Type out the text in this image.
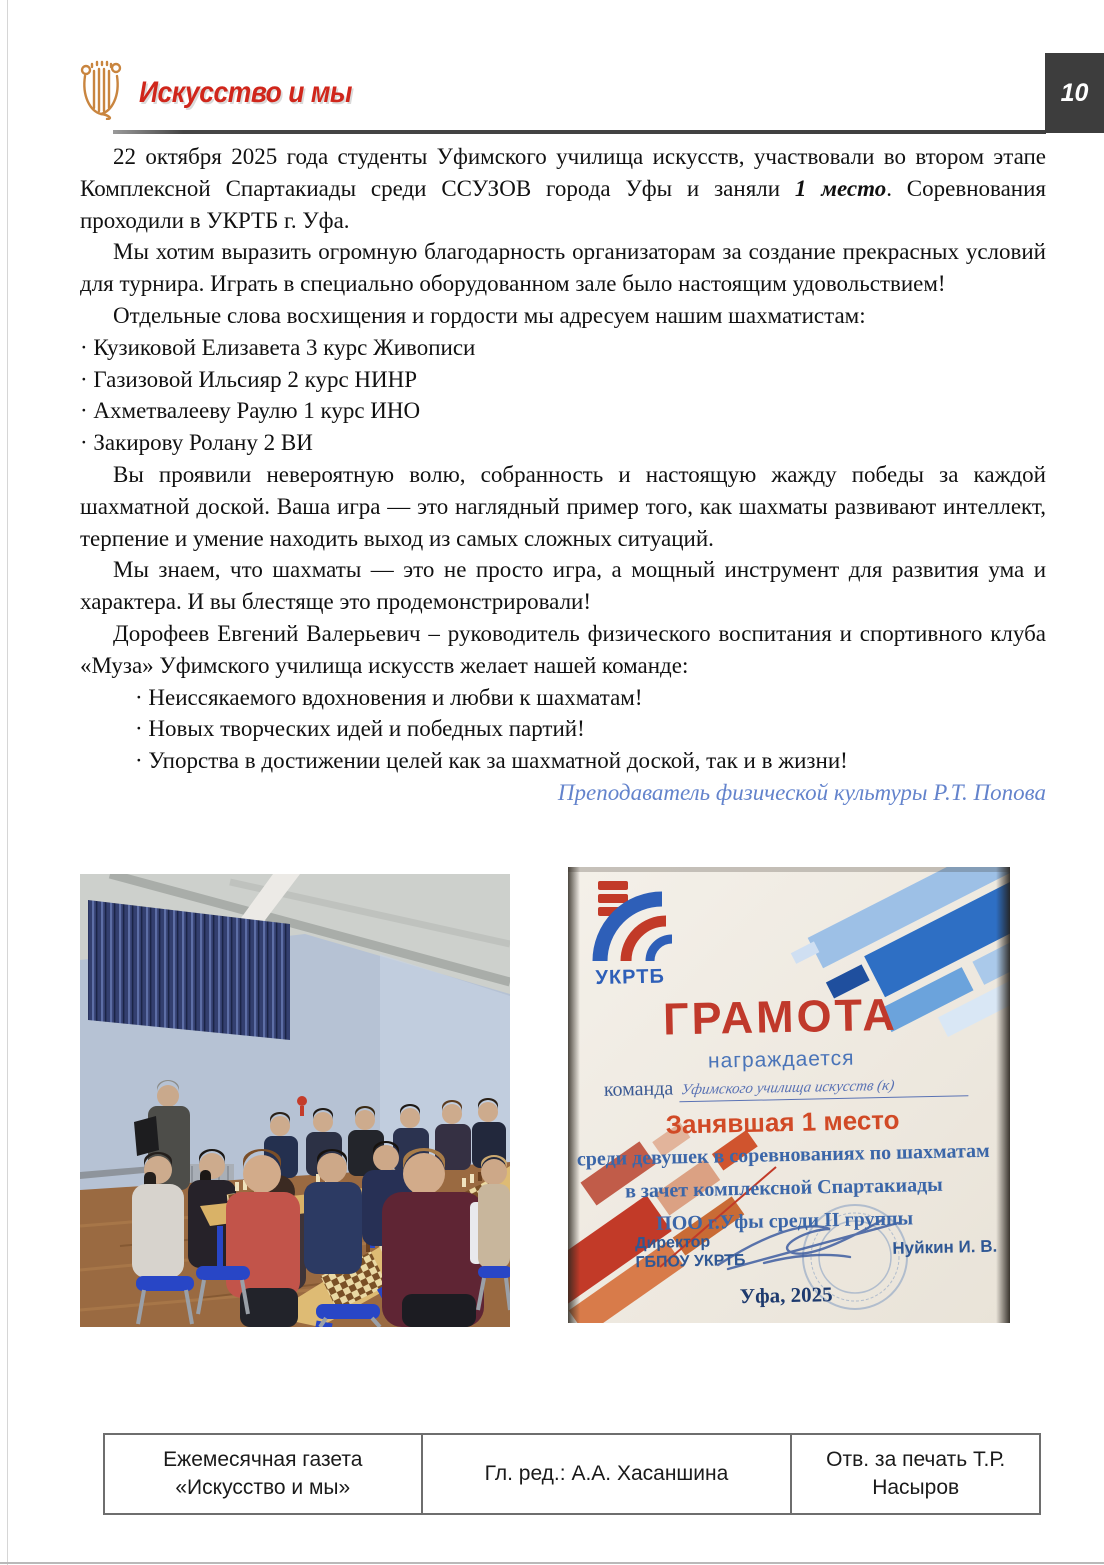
Искусство и мы	10

22 октября 2025 года студенты Уфимского училища искусств, участвовали во втором этапе Комплексной Спартакиады среди ССУЗОВ города Уфы и заняли 1 место. Соревнования проходили в УКРТБ г. Уфа.

Мы хотим выразить огромную благодарность организаторам за создание прекрасных условий для турнира. Играть в специально оборудованном зале было настоящим удовольствием!

Отдельные слова восхищения и гордости мы адресуем нашим шахматистам:

· Кузиковой Елизавета 3 курс Живописи
· Газизовой Ильсияр 2 курс НИНР
· Ахметвалееву Раулю 1 курс ИНО
· Закирову Ролану 2 ВИ

Вы проявили невероятную волю, собранность и настоящую жажду победы за каждой шахматной доской. Ваша игра — это наглядный пример того, как шахматы развивают интеллект, терпение и умение находить выход из самых сложных ситуаций.

Мы знаем, что шахматы — это не просто игра, а мощный инструмент для развития ума и характера. И вы блестяще это продемонстрировали!

Дорофеев Евгений Валерьевич – руководитель физического воспитания и спортивного клуба «Муза» Уфимского училища искусств желает нашей команде:

· Неиссякаемого вдохновения и любви к шахматам!
· Новых творческих идей и победных партий!
· Упорства в достижении целей как за шахматной доской, так и в жизни!
Преподаватель физической культуры Р.Т. Попова
УКРТБ
ГРАМОТА
награждается
команда Уфимского училища искусств (к)
Занявшая 1 место
среди девушек в соревнованиях по шахматам
в зачет комплексной Спартакиады
ПОО г.Уфы среди II группы
Директор
ГБПОУ УКРТБ
Нуйкин И. В.
Уфа, 2025
Ежемесячная газета «Искусство и мы»
Гл. ред.: А.А. Хасаншина
Отв. за печать Т.Р. Насыров
